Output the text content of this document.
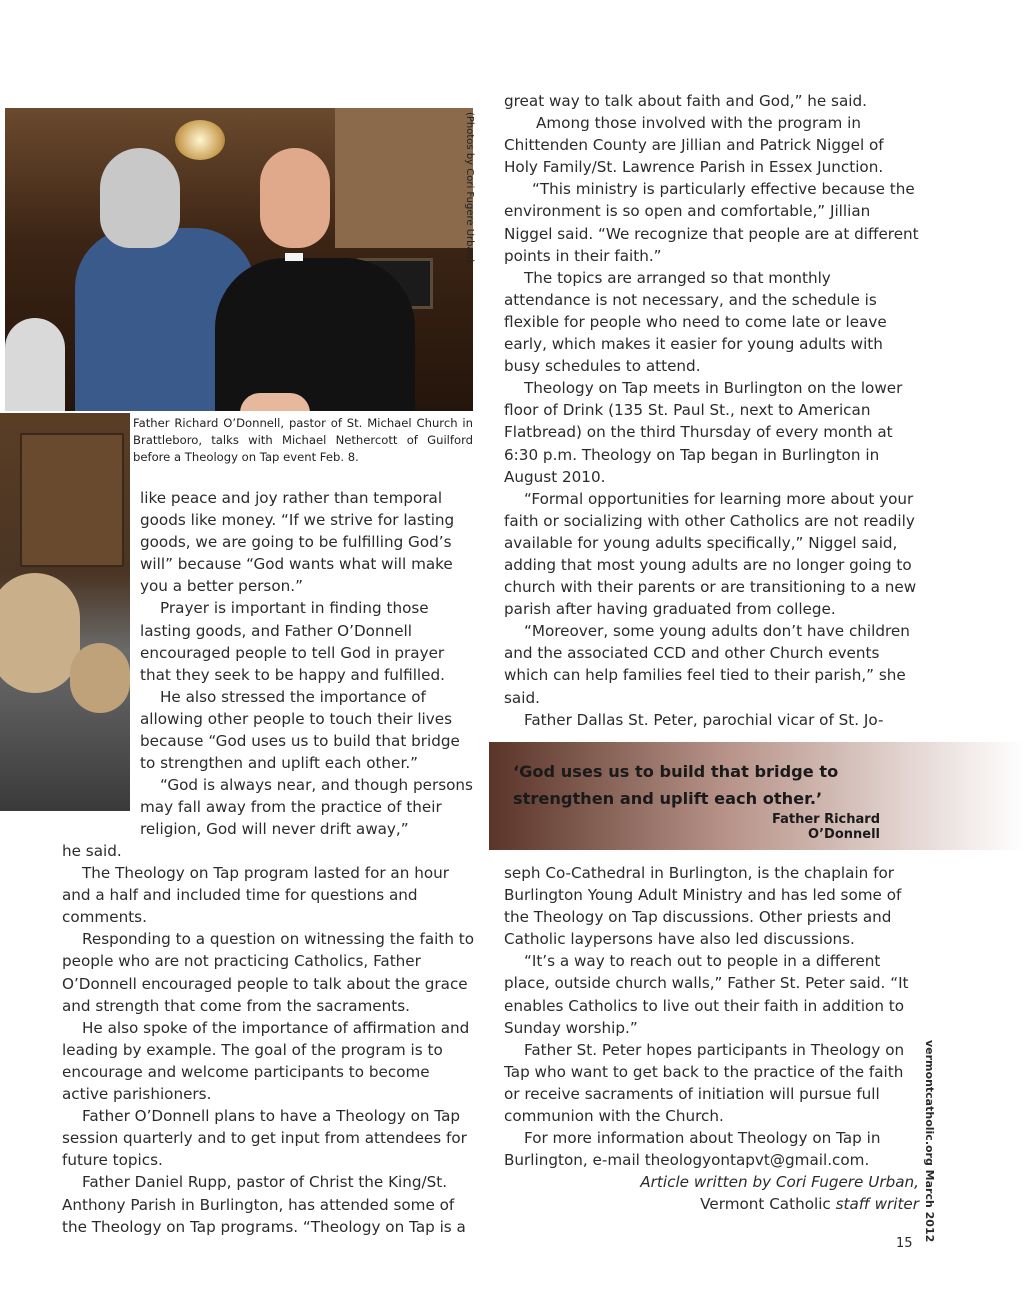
(Photos by Cori Fugere Urban)
Father Richard O’Donnell, pastor of St. Michael Church in Brattleboro, talks with Michael Nethercott of Guilford before a Theology on Tap event Feb. 8.

like peace and joy rather than temporal goods like money. “If we strive for lasting goods, we are going to be fulfilling God’s will” because “God wants what will make you a better person.”

Prayer is important in finding those lasting goods, and Father O’Donnell encouraged people to tell God in prayer that they seek to be happy and fulfilled.

He also stressed the importance of allowing other people to touch their lives because “God uses us to build that bridge to strengthen and uplift each other.”

“God is always near, and though persons may fall away from the practice of their religion, God will never drift away,”

he said.

The Theology on Tap program lasted for an hour and a half and included time for questions and comments.

Responding to a question on witnessing the faith to people who are not practicing Catholics, Father O’Donnell encouraged people to talk about the grace and strength that come from the sacraments.

He also spoke of the importance of affirmation and leading by example. The goal of the program is to encourage and welcome participants to become active parishioners.

Father O’Donnell plans to have a Theology on Tap session quarterly and to get input from attendees for future topics.

Father Daniel Rupp, pastor of Christ the King/St. Anthony Parish in Burlington, has attended some of the Theology on Tap programs. “Theology on Tap is a

great way to talk about faith and God,” he said.

Among those involved with the program in Chittenden County are Jillian and Patrick Niggel of Holy Family/St. Lawrence Parish in Essex Junction.

“This ministry is particularly effective because the environment is so open and comfortable,” Jillian Niggel said. “We recognize that people are at different points in their faith.”

The topics are arranged so that monthly attendance is not necessary, and the schedule is flexible for people who need to come late or leave early, which makes it easier for young adults with busy schedules to attend.

Theology on Tap meets in Burlington on the lower floor of Drink (135 St. Paul St., next to American Flatbread) on the third Thursday of every month at 6:30 p.m. Theology on Tap began in Burlington in August 2010.

“Formal opportunities for learning more about your faith or socializing with other Catholics are not readily available for young adults specifically,” Niggel said, adding that most young adults are no longer going to church with their parents or are transitioning to a new parish after having graduated from college.

“Moreover, some young adults don’t have children and the associated CCD and other Church events which can help families feel tied to their parish,” she said.

Father Dallas St. Peter, parochial vicar of St. Jo-

‘God uses us to build that bridge to strengthen and uplift each other.’
Father Richard O’Donnell

seph Co-Cathedral in Burlington, is the chaplain for Burlington Young Adult Ministry and has led some of the Theology on Tap discussions. Other priests and Catholic laypersons have also led discussions.

“It’s a way to reach out to people in a different place, outside church walls,” Father St. Peter said. “It enables Catholics to live out their faith in addition to Sunday worship.”

Father St. Peter hopes participants in Theology on Tap who want to get back to the practice of the faith or receive sacraments of initiation will pursue full communion with the Church.

For more information about Theology on Tap in Burlington, e-mail theologyontapvt@gmail.com.

Article written by Cori Fugere Urban,
Vermont Catholic staff writer vermontcatholic.org March 2012
15
